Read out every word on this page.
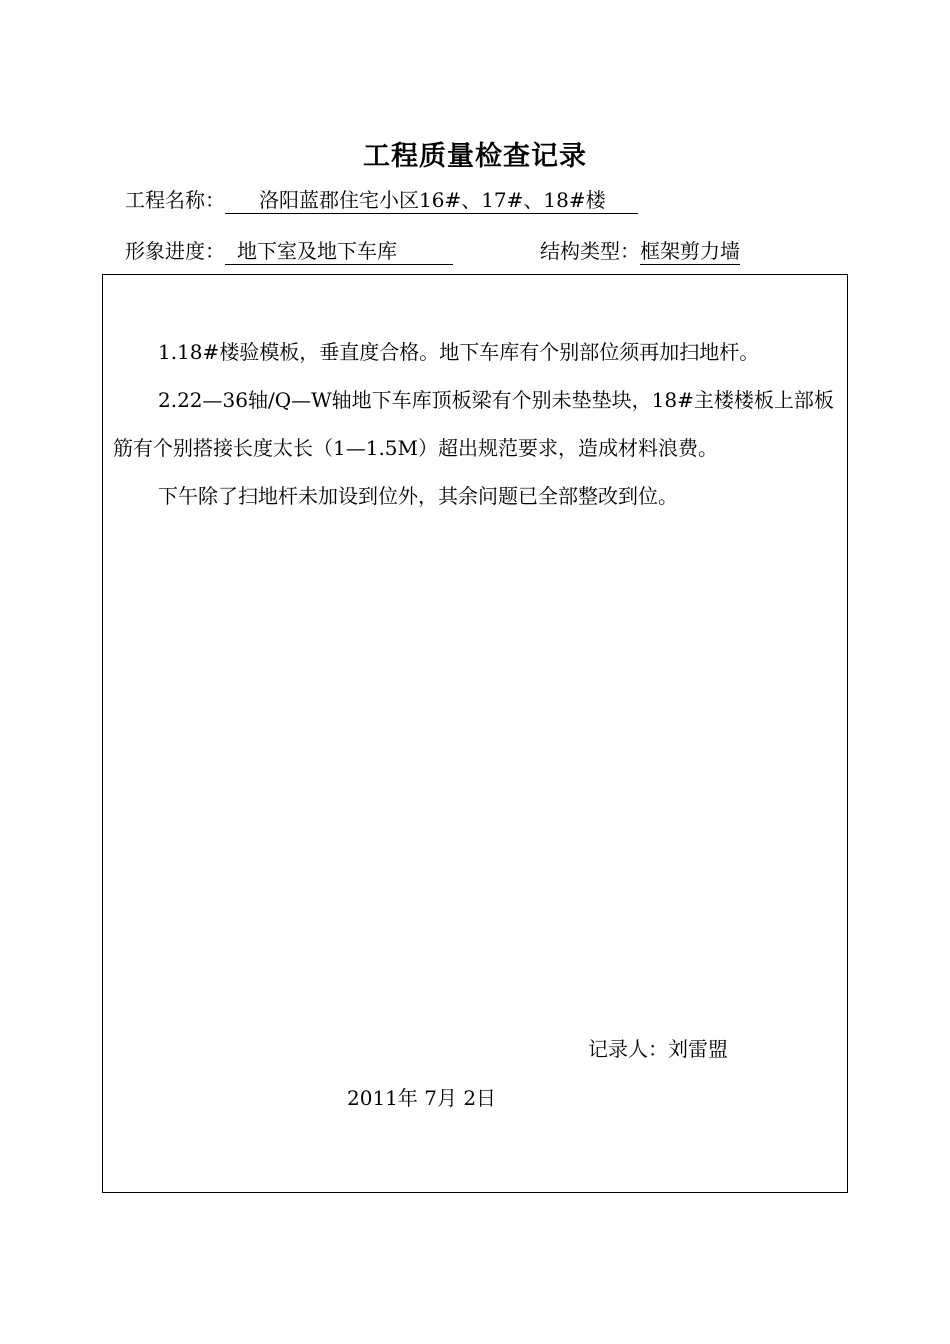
工程质量检查记录
工程名称： 洛阳蓝郡住宅小区16#、17#、18#楼
形象进度： 地下室及地下车库	结构类型：框架剪力墙

1.18#楼验模板，垂直度合格。地下车库有个别部位须再加扫地杆。

2.22—36轴/Q—W轴地下车库顶板梁有个别未垫垫块，18#主楼楼板上部板筋有个别搭接长度太长（1—1.5M）超出规范要求，造成材料浪费。

下午除了扫地杆未加设到位外，其余问题已全部整改到位。

记录人：刘雷盟
2011年 7月 2日
